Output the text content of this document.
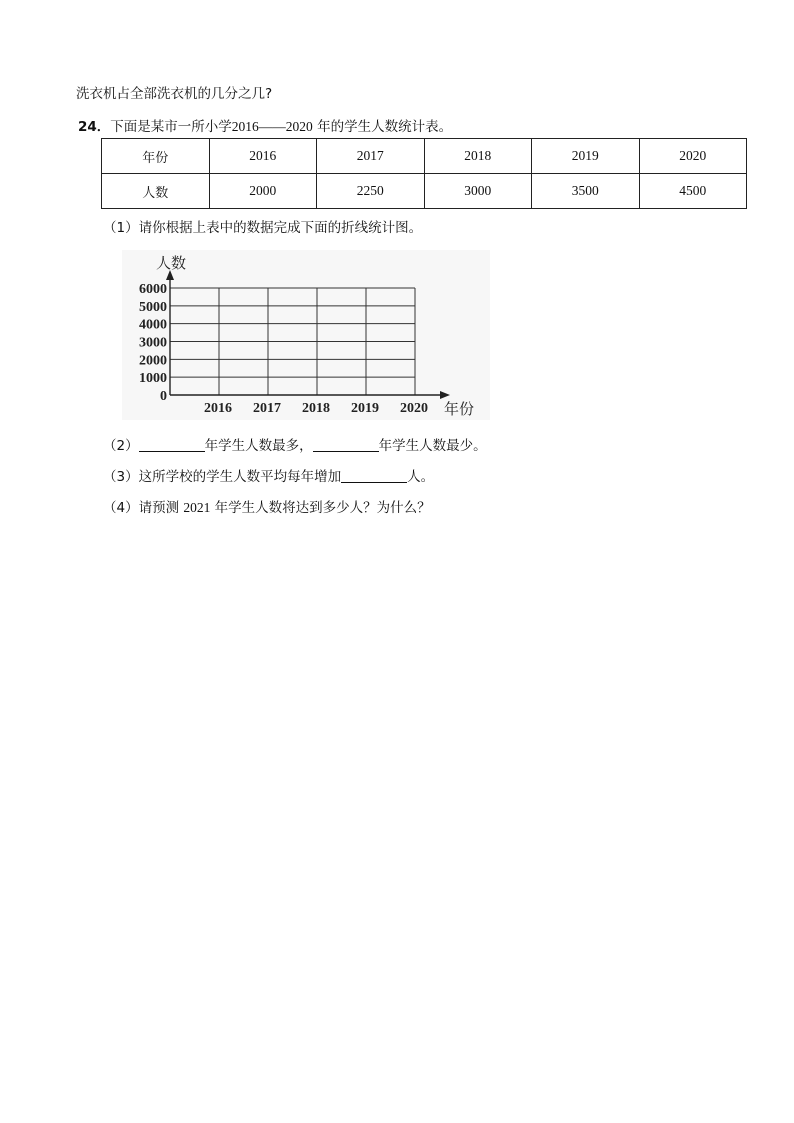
洗衣机占全部洗衣机的几分之几?
24．下面是某市一所小学2016——2020 年的学生人数统计表。
年份	2016	2017	2018	2019	2020
人数	2000	2250	3000	3500	4500
（1）请你根据上表中的数据完成下面的折线统计图。
0
1000
2000
3000
4000
5000
6000
2016 2017 2018 2019 2020
人数
年份
（2）	年学生人数最多，	年学生人数最少。
（3）这所学校的学生人数平均每年增加	人。
（4）请预测 2021 年学生人数将达到多少人？为什么？
